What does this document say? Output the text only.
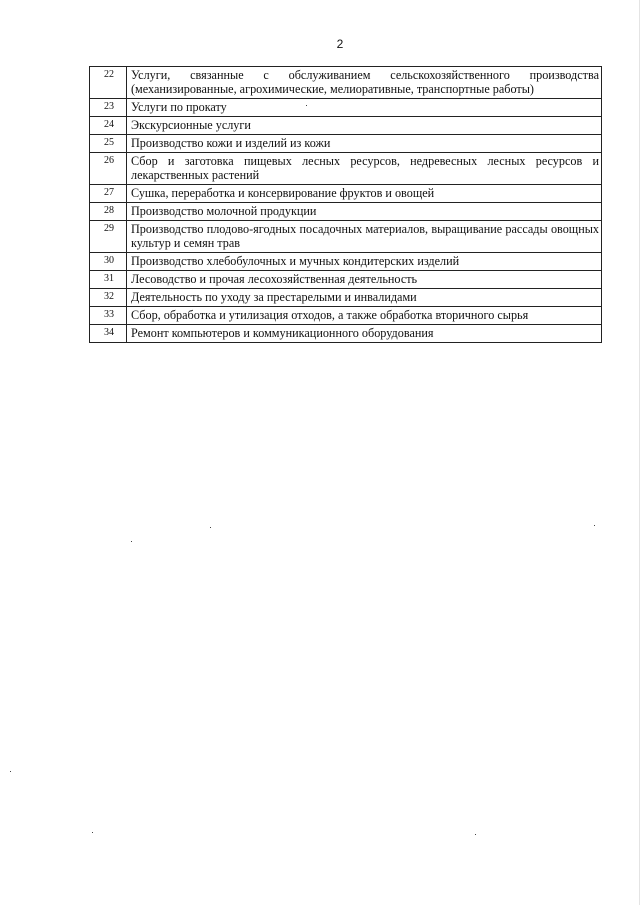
2
22	Услуги, связанные с обслуживанием сельскохозяйственного производства (механизированные, агрохимические, мелиоративные, транспортные работы)
23	Услуги по прокату
24	Экскурсионные услуги
25	Производство кожи и изделий из кожи
26	Сбор и заготовка пищевых лесных ресурсов, недревесных лесных ресурсов и лекарственных растений
27	Сушка, переработка и консервирование фруктов и овощей
28	Производство молочной продукции
29	Производство плодово-ягодных посадочных материалов, выращивание рассады овощных культур и семян трав
30	Производство хлебобулочных и мучных кондитерских изделий
31	Лесоводство и прочая лесохозяйственная деятельность
32	Деятельность по уходу за престарелыми и инвалидами
33	Сбор, обработка и утилизация отходов, а также обработка вторичного сырья
34	Ремонт компьютеров и коммуникационного оборудования
